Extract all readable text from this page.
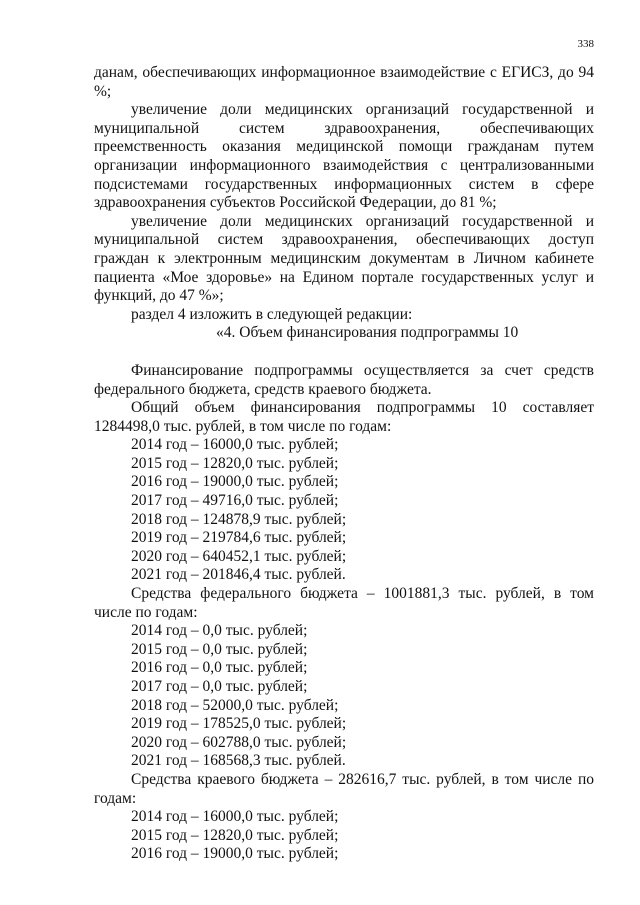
338

данам, обеспечивающих информационное взаимодействие с ЕГИСЗ, до 94 %;

увеличение доли медицинских организаций государственной и муниципальной систем здравоохранения, обеспечивающих преемственность оказания медицинской помощи гражданам путем организации информационного взаимодействия с централизованными подсистемами государственных информационных систем в сфере здравоохранения субъектов Российской Федерации, до 81 %;

увеличение доли медицинских организаций государственной и муниципальной систем здравоохранения, обеспечивающих доступ граждан к электронным медицинским документам в Личном кабинете пациента «Мое здоровье» на Едином портале государственных услуг и функций, до 47 %»;

раздел 4 изложить в следующей редакции:

«4. Объем финансирования подпрограммы 10

Финансирование подпрограммы осуществляется за счет средств федерального бюджета, средств краевого бюджета.

Общий объем финансирования подпрограммы 10 составляет

1284498,0 тыс. рублей, в том числе по годам:

2014 год – 16000,0 тыс. рублей;

2015 год – 12820,0 тыс. рублей;

2016 год – 19000,0 тыс. рублей;

2017 год – 49716,0 тыс. рублей;

2018 год – 124878,9 тыс. рублей;

2019 год – 219784,6 тыс. рублей;

2020 год – 640452,1 тыс. рублей;

2021 год – 201846,4 тыс. рублей.

Средства федерального бюджета – 1001881,3 тыс. рублей, в том числе по годам:

2014 год – 0,0 тыс. рублей;

2015 год – 0,0 тыс. рублей;

2016 год – 0,0 тыс. рублей;

2017 год – 0,0 тыс. рублей;

2018 год – 52000,0 тыс. рублей;

2019 год – 178525,0 тыс. рублей;

2020 год – 602788,0 тыс. рублей;

2021 год – 168568,3 тыс. рублей.

Средства краевого бюджета – 282616,7 тыс. рублей, в том числе по годам:

2014 год – 16000,0 тыс. рублей;

2015 год – 12820,0 тыс. рублей;

2016 год – 19000,0 тыс. рублей;
